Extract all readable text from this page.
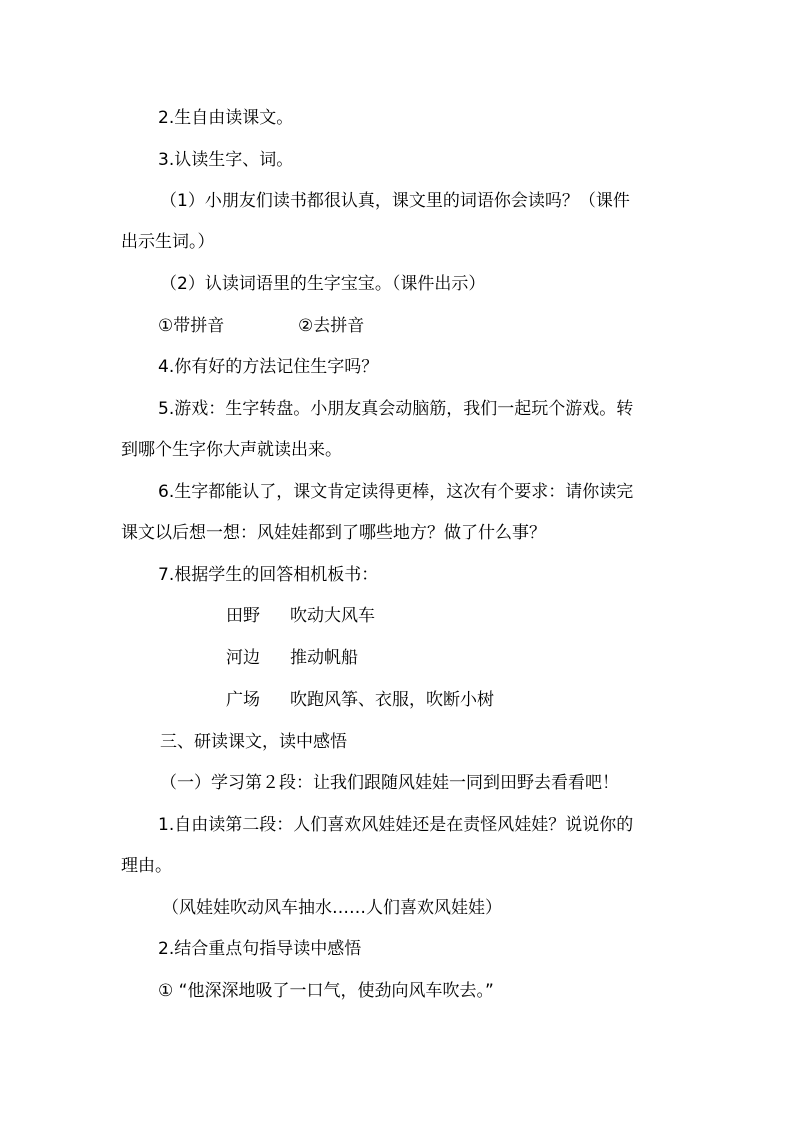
2.生自由读课文。
3.认读生字、词。
（1）小朋友们读书都很认真，课文里的词语你会读吗？（课件
出示生词。）
（2）认读词语里的生字宝宝。（课件出示）
①带拼音	②去拼音
4.你有好的方法记住生字吗？
5.游戏：生字转盘。小朋友真会动脑筋，我们一起玩个游戏。转
到哪个生字你大声就读出来。
6.生字都能认了，课文肯定读得更棒，这次有个要求：请你读完
课文以后想一想：风娃娃都到了哪些地方？做了什么事？
7.根据学生的回答相机板书：
田野 吹动大风车
河边 推动帆船
广场 吹跑风筝、衣服，吹断小树
三、研读课文，读中感悟
（一）学习第２段：让我们跟随风娃娃一同到田野去看看吧！
1.自由读第二段：人们喜欢风娃娃还是在责怪风娃娃？说说你的
理由。
（风娃娃吹动风车抽水……人们喜欢风娃娃）
2.结合重点句指导读中感悟
① “他深深地吸了一口气，使劲向风车吹去。”
